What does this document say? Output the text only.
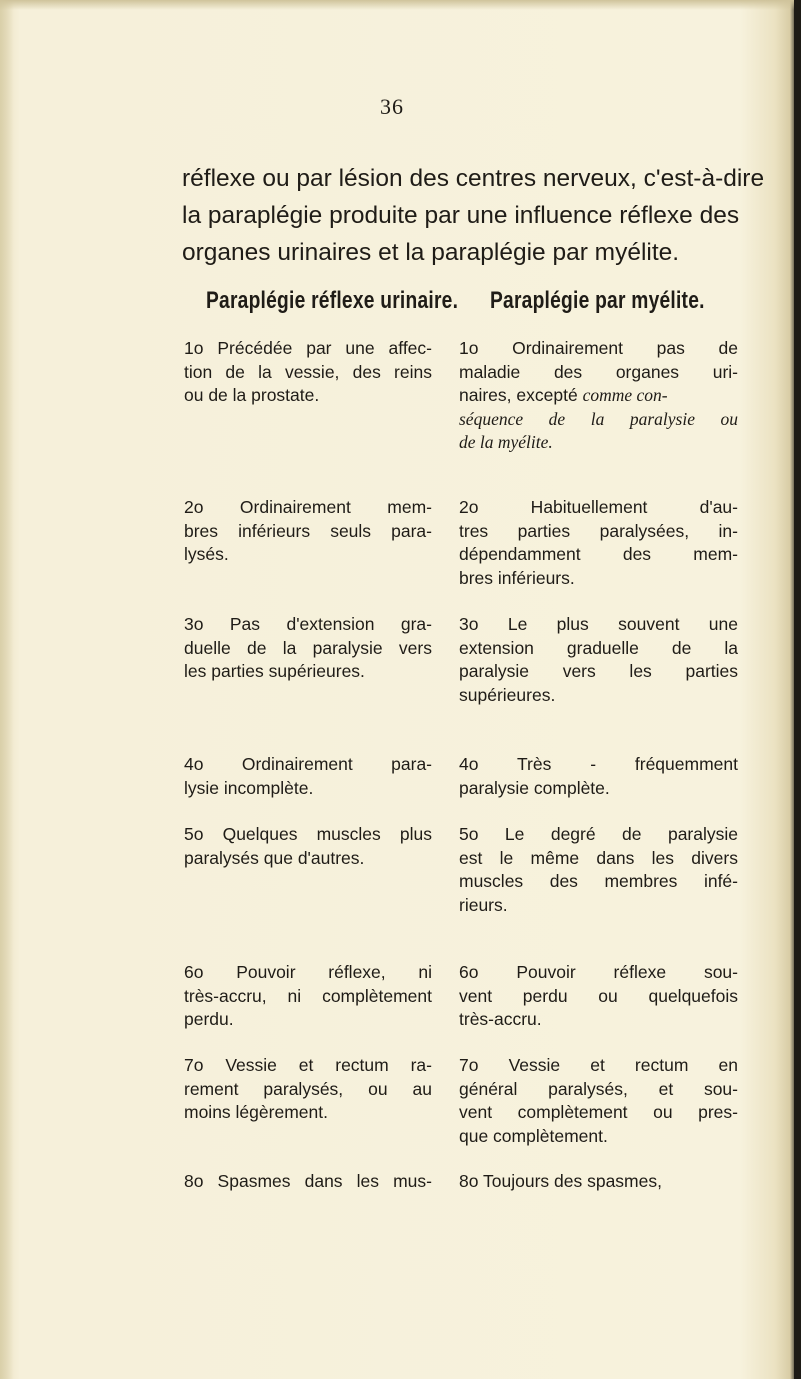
36
réflexe ou par lésion des centres nerveux, c'est-à-dire
la paraplégie produite par une influence réflexe des
organes urinaires et la paraplégie par myélite.
Paraplégie réflexe urinaire. Paraplégie par myélite.
1o Précédée par une affec-
tion de la vessie, des reins
ou de la prostate.
2o Ordinairement mem-
bres inférieurs seuls para-
lysés.
3o Pas d'extension gra-
duelle de la paralysie vers
les parties supérieures.
4o Ordinairement para-
lysie incomplète.
5o Quelques muscles plus
paralysés que d'autres.
6o Pouvoir réflexe, ni
très-accru, ni complètement
perdu.
7o Vessie et rectum ra-
rement paralysés, ou au
moins légèrement.
8o Spasmes dans les mus-
1o Ordinairement pas de
maladie des organes uri-
naires, excepté comme con-
séquence de la paralysie ou
de la myélite.
2o Habituellement d'au-
tres parties paralysées, in-
dépendamment des mem-
bres inférieurs.
3o Le plus souvent une
extension graduelle de la
paralysie vers les parties
supérieures.
4o Très - fréquemment
paralysie complète.
5o Le degré de paralysie
est le même dans les divers
muscles des membres infé-
rieurs.
6o Pouvoir réflexe sou-
vent perdu ou quelquefois
très-accru.
7o Vessie et rectum en
général paralysés, et sou-
vent complètement ou pres-
que complètement.
8o Toujours des spasmes,
